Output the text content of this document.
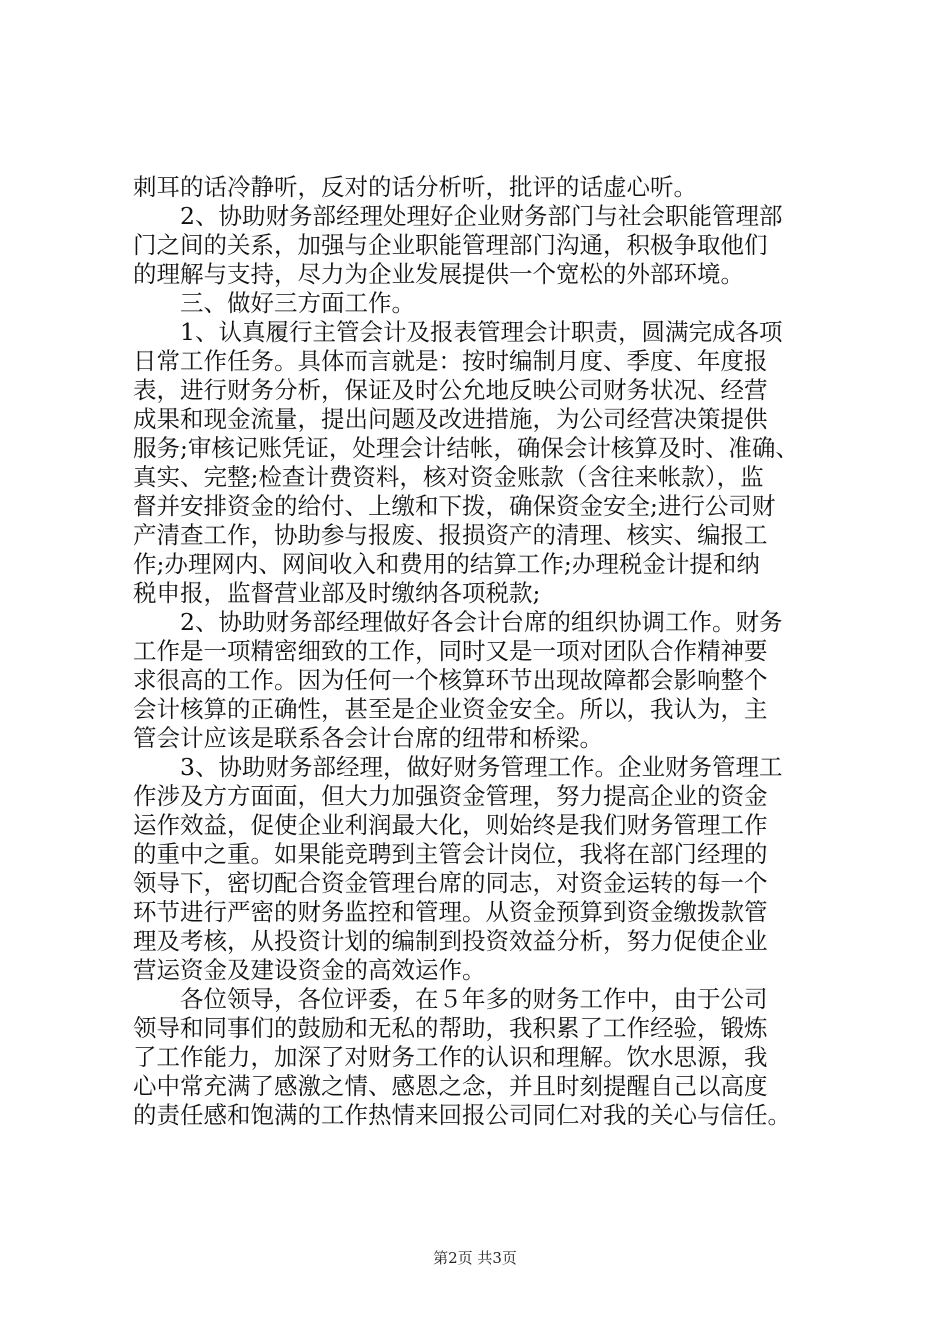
刺耳的话冷静听，反对的话分析听，批评的话虚心听。
2、协助财务部经理处理好企业财务部门与社会职能管理部
门之间的关系，加强与企业职能管理部门沟通，积极争取他们
的理解与支持，尽力为企业发展提供一个宽松的外部环境。
三、做好三方面工作。
1、认真履行主管会计及报表管理会计职责，圆满完成各项
日常工作任务。具体而言就是：按时编制月度、季度、年度报
表，进行财务分析，保证及时公允地反映公司财务状况、经营
成果和现金流量，提出问题及改进措施，为公司经营决策提供
服务;审核记账凭证，处理会计结帐，确保会计核算及时、准确、
真实、完整;检查计费资料，核对资金账款（含往来帐款），监
督并安排资金的给付、上缴和下拨，确保资金安全;进行公司财
产清查工作，协助参与报废、报损资产的清理、核实、编报工
作;办理网内、网间收入和费用的结算工作;办理税金计提和纳
税申报，监督营业部及时缴纳各项税款;
2、协助财务部经理做好各会计台席的组织协调工作。财务
工作是一项精密细致的工作，同时又是一项对团队合作精神要
求很高的工作。因为任何一个核算环节出现故障都会影响整个
会计核算的正确性，甚至是企业资金安全。所以，我认为，主
管会计应该是联系各会计台席的纽带和桥梁。
3、协助财务部经理，做好财务管理工作。企业财务管理工
作涉及方方面面，但大力加强资金管理，努力提高企业的资金
运作效益，促使企业利润最大化，则始终是我们财务管理工作
的重中之重。如果能竞聘到主管会计岗位，我将在部门经理的
领导下，密切配合资金管理台席的同志，对资金运转的每一个
环节进行严密的财务监控和管理。从资金预算到资金缴拨款管
理及考核，从投资计划的编制到投资效益分析，努力促使企业
营运资金及建设资金的高效运作。
各位领导，各位评委，在５年多的财务工作中，由于公司
领导和同事们的鼓励和无私的帮助，我积累了工作经验，锻炼
了工作能力，加深了对财务工作的认识和理解。饮水思源，我
心中常充满了感激之情、感恩之念，并且时刻提醒自己以高度
的责任感和饱满的工作热情来回报公司同仁对我的关心与信任。
第2页 共3页
